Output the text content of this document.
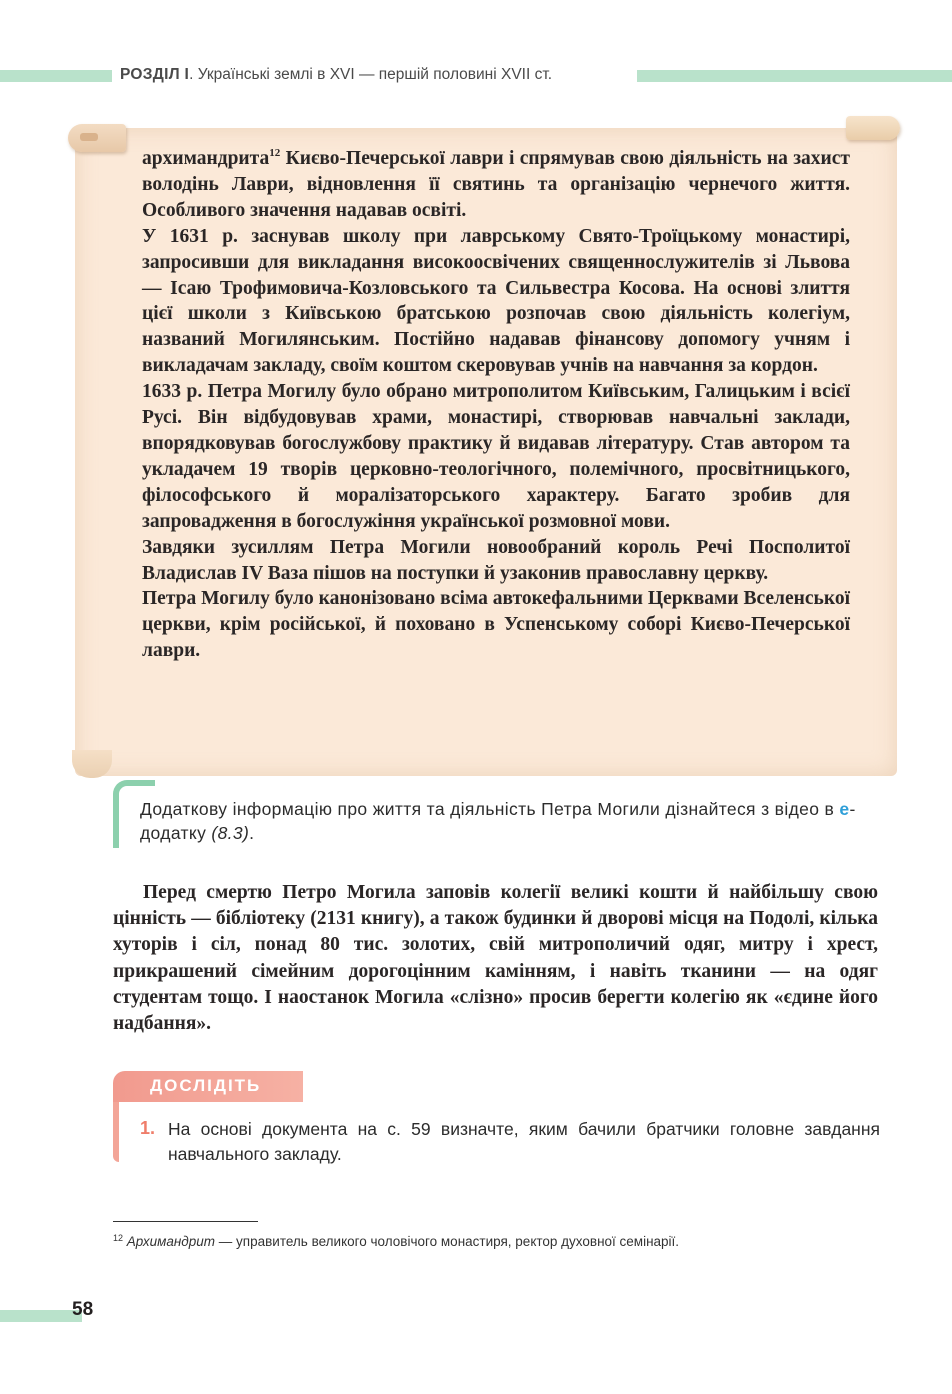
РОЗДІЛ І. Українські землі в XVI — першій половині XVII ст.

архимандрита$^{12}$ Києво-Печерської лаври і спрямував свою діяльність на захист володінь Лаври, відновлення її святинь та організацію чернечого життя. Особливого значення надавав освіті.

У 1631 р. заснував школу при лаврському Свято-Троїцькому монастирі, запросивши для викладання високоосвічених священнослужителів зі Львова — Ісаю Трофимовича-Козловського та Сильвестра Косова. На основі злиття цієї школи з Київською братською розпочав свою діяльність колегіум, названий Могилянським. Постійно надавав фінансову допомогу учням і викладачам закладу, своїм коштом скеровував учнів на навчання за кордон.

1633 р. Петра Могилу було обрано митрополитом Київським, Галицьким і всієї Русі. Він відбудовував храми, монастирі, створював навчальні заклади, впорядковував богослужбову практику й видавав літературу. Став автором та укладачем 19 творів церковно-теологічного, полемічного, просвітницького, філософського й моралізаторського характеру. Багато зробив для запровадження в богослужіння української розмовної мови.

Завдяки зусиллям Петра Могили новообраний король Речі Посполитої Владислав IV Ваза пішов на поступки й узаконив православну церкву.

Петра Могилу було канонізовано всіма автокефальними Церквами Вселенської церкви, крім російської, й поховано в Успенському соборі Києво-Печерської лаври.

Додаткову інформацію про життя та діяльність Петра Могили дізнайтеся з відео в е-додатку (8.3).

Перед смертю Петро Могила заповів колегії великі кошти й найбільшу свою цінність — бібліотеку (2131 книгу), а також будинки й дворові місця на Подолі, кілька хуторів і сіл, понад 80 тис. золотих, свій митрополичий одяг, митру і хрест, прикрашений сімейним дорогоцінним камінням, і навіть тканини — на одяг студентам тощо. І наостанок Могила «слізно» просив берегти колегію як «єдине його надбання».

ДОСЛІДІТЬ
1. На основі документа на с. 59 визначте, яким бачили братчики головне завдання навчального закладу.
$^{12}$ Архимандрит — управитель великого чоловічого монастиря, ректор духовної семінарії.
58
